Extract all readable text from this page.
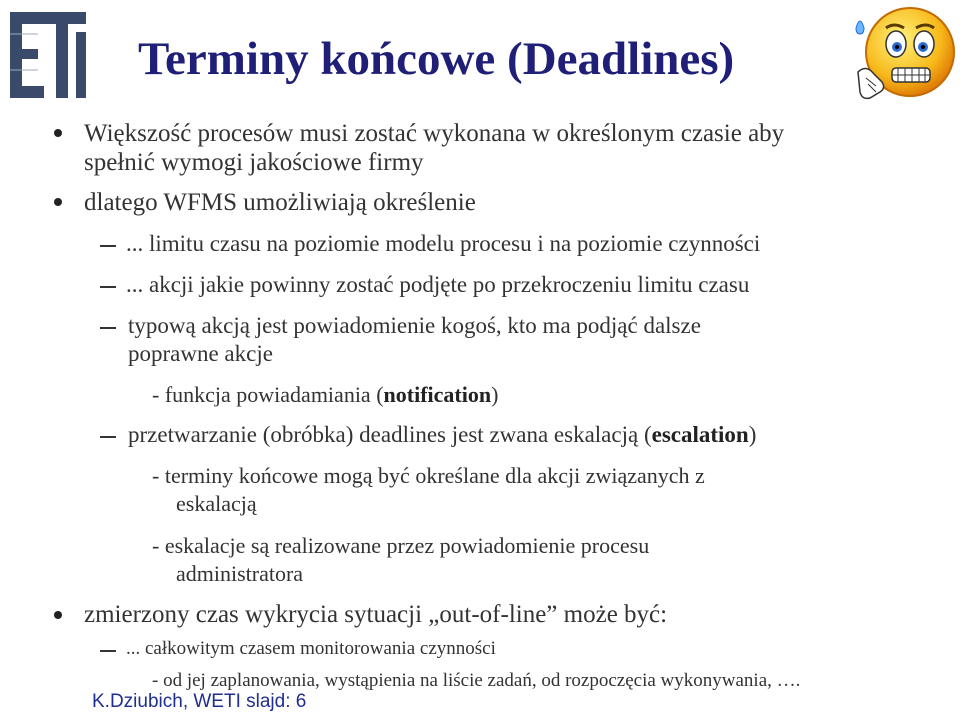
Terminy końcowe (Deadlines)
Większość procesów musi zostać wykonana w określonym czasie aby
spełnić wymogi jakościowe firmy
dlatego WFMS umożliwiają określenie
... limitu czasu na poziomie modelu procesu i na poziomie czynności
... akcji jakie powinny zostać podjęte po przekroczeniu limitu czasu
typową akcją jest powiadomienie kogoś, kto ma podjąć dalsze
poprawne akcje
- funkcja powiadamiania (notification)
przetwarzanie (obróbka) deadlines jest zwana eskalacją (escalation)
- terminy końcowe mogą być określane dla akcji związanych z
eskalacją
- eskalacje są realizowane przez powiadomienie procesu
administratora
zmierzony czas wykrycia sytuacji „out-of-line” może być:
... całkowitym czasem monitorowania czynności
- od jej zaplanowania, wystąpienia na liście zadań, od rozpoczęcia wykonywania, ….
K.Dziubich, WETI slajd: 6
